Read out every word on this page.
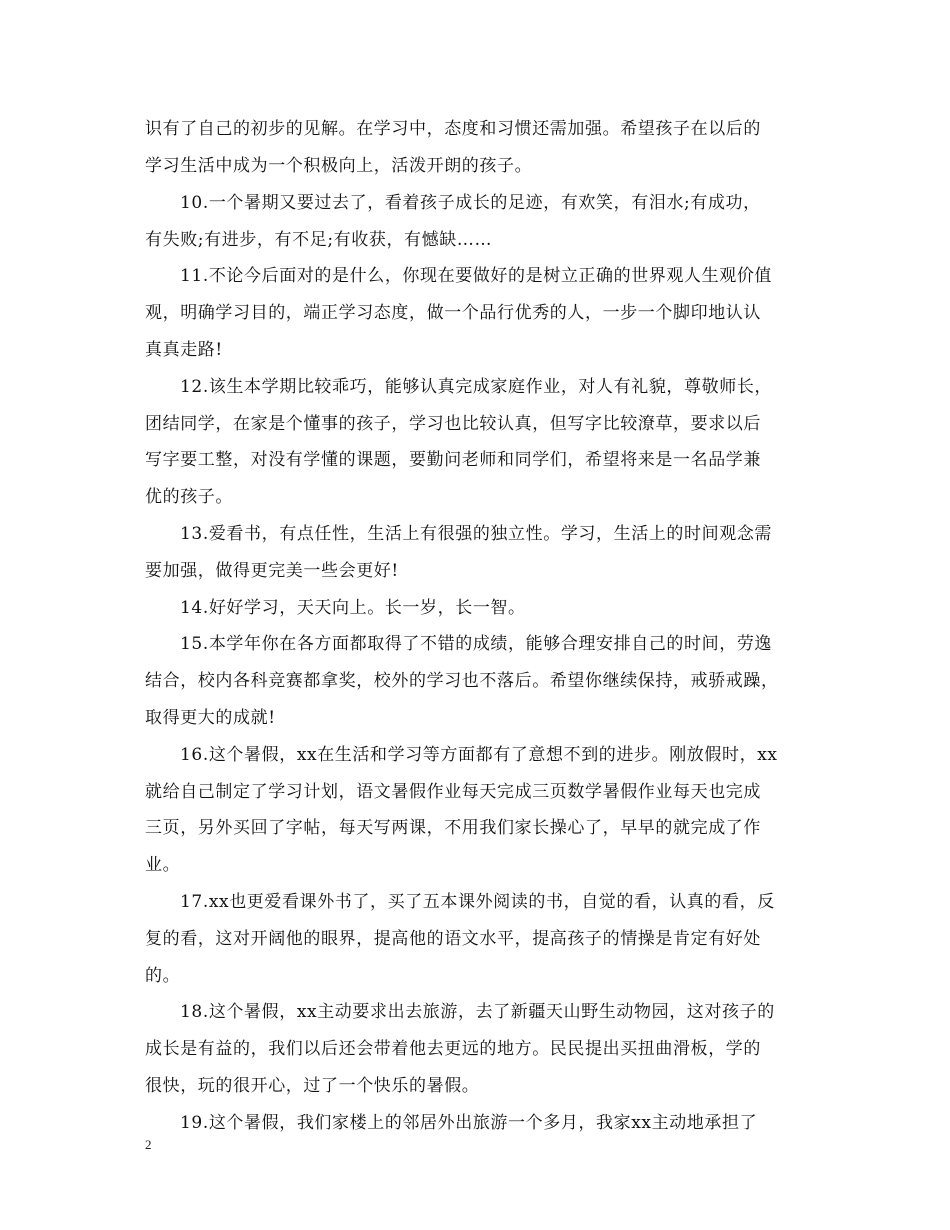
识有了自己的初步的见解。在学习中，态度和习惯还需加强。希望孩子在以后的
学习生活中成为一个积极向上，活泼开朗的孩子。
10.一个暑期又要过去了，看着孩子成长的足迹，有欢笑，有泪水;有成功，
有失败;有进步，有不足;有收获，有憾缺……
11.不论今后面对的是什么，你现在要做好的是树立正确的世界观人生观价值
观，明确学习目的，端正学习态度，做一个品行优秀的人，一步一个脚印地认认
真真走路!
12.该生本学期比较乖巧，能够认真完成家庭作业，对人有礼貌，尊敬师长，
团结同学，在家是个懂事的孩子，学习也比较认真，但写字比较潦草，要求以后
写字要工整，对没有学懂的课题，要勤问老师和同学们，希望将来是一名品学兼
优的孩子。
13.爱看书，有点任性，生活上有很强的独立性。学习，生活上的时间观念需
要加强，做得更完美一些会更好!
14.好好学习，天天向上。长一岁，长一智。
15.本学年你在各方面都取得了不错的成绩，能够合理安排自己的时间，劳逸
结合，校内各科竞赛都拿奖，校外的学习也不落后。希望你继续保持，戒骄戒躁，
取得更大的成就!
16.这个暑假，xx在生活和学习等方面都有了意想不到的进步。刚放假时，xx
就给自己制定了学习计划，语文暑假作业每天完成三页数学暑假作业每天也完成
三页，另外买回了字帖，每天写两课，不用我们家长操心了，早早的就完成了作
业。
17.xx也更爱看课外书了，买了五本课外阅读的书，自觉的看，认真的看，反
复的看，这对开阔他的眼界，提高他的语文水平，提高孩子的情操是肯定有好处
的。
18.这个暑假，xx主动要求出去旅游，去了新疆天山野生动物园，这对孩子的
成长是有益的，我们以后还会带着他去更远的地方。民民提出买扭曲滑板，学的
很快，玩的很开心，过了一个快乐的暑假。
19.这个暑假，我们家楼上的邻居外出旅游一个多月，我家xx主动地承担了
2
